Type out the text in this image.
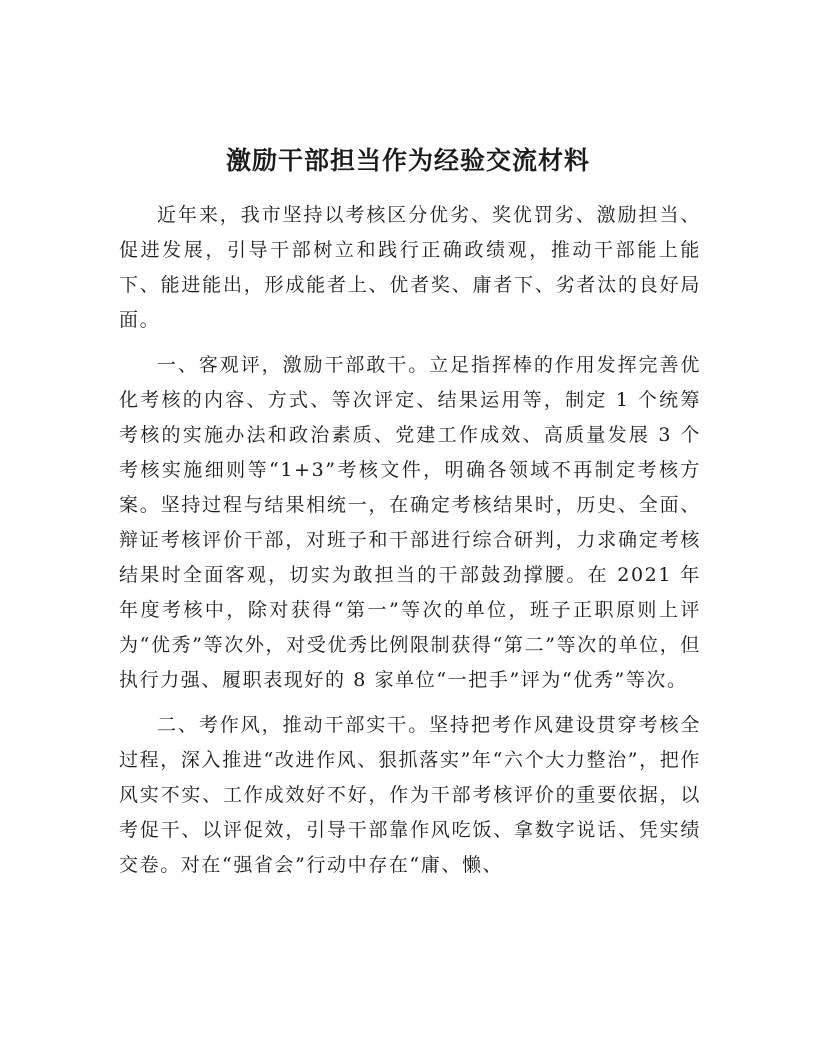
激励干部担当作为经验交流材料

近年来，我市坚持以考核区分优劣、奖优罚劣、激励担当、促进发展，引导干部树立和践行正确政绩观，推动干部能上能下、能进能出，形成能者上、优者奖、庸者下、劣者汰的良好局面。

一、客观评，激励干部敢干。立足指挥棒的作用发挥完善优化考核的内容、方式、等次评定、结果运用等，制定 1 个统筹考核的实施办法和政治素质、党建工作成效、高质量发展 3 个考核实施细则等“1+3”考核文件，明确各领域不再制定考核方案。坚持过程与结果相统一，在确定考核结果时，历史、全面、辩证考核评价干部，对班子和干部进行综合研判，力求确定考核结果时全面客观，切实为敢担当的干部鼓劲撑腰。在 2021 年年度考核中，除对获得“第一”等次的单位，班子正职原则上评为“优秀”等次外，对受优秀比例限制获得“第二”等次的单位，但执行力强、履职表现好的 8 家单位“一把手”评为“优秀”等次。

二、考作风，推动干部实干。坚持把考作风建设贯穿考核全过程，深入推进“改进作风、狠抓落实”年“六个大力整治”，把作风实不实、工作成效好不好，作为干部考核评价的重要依据，以考促干、以评促效，引导干部靠作风吃饭、拿数字说话、凭实绩交卷。对在“强省会”行动中存在“庸、懒、
